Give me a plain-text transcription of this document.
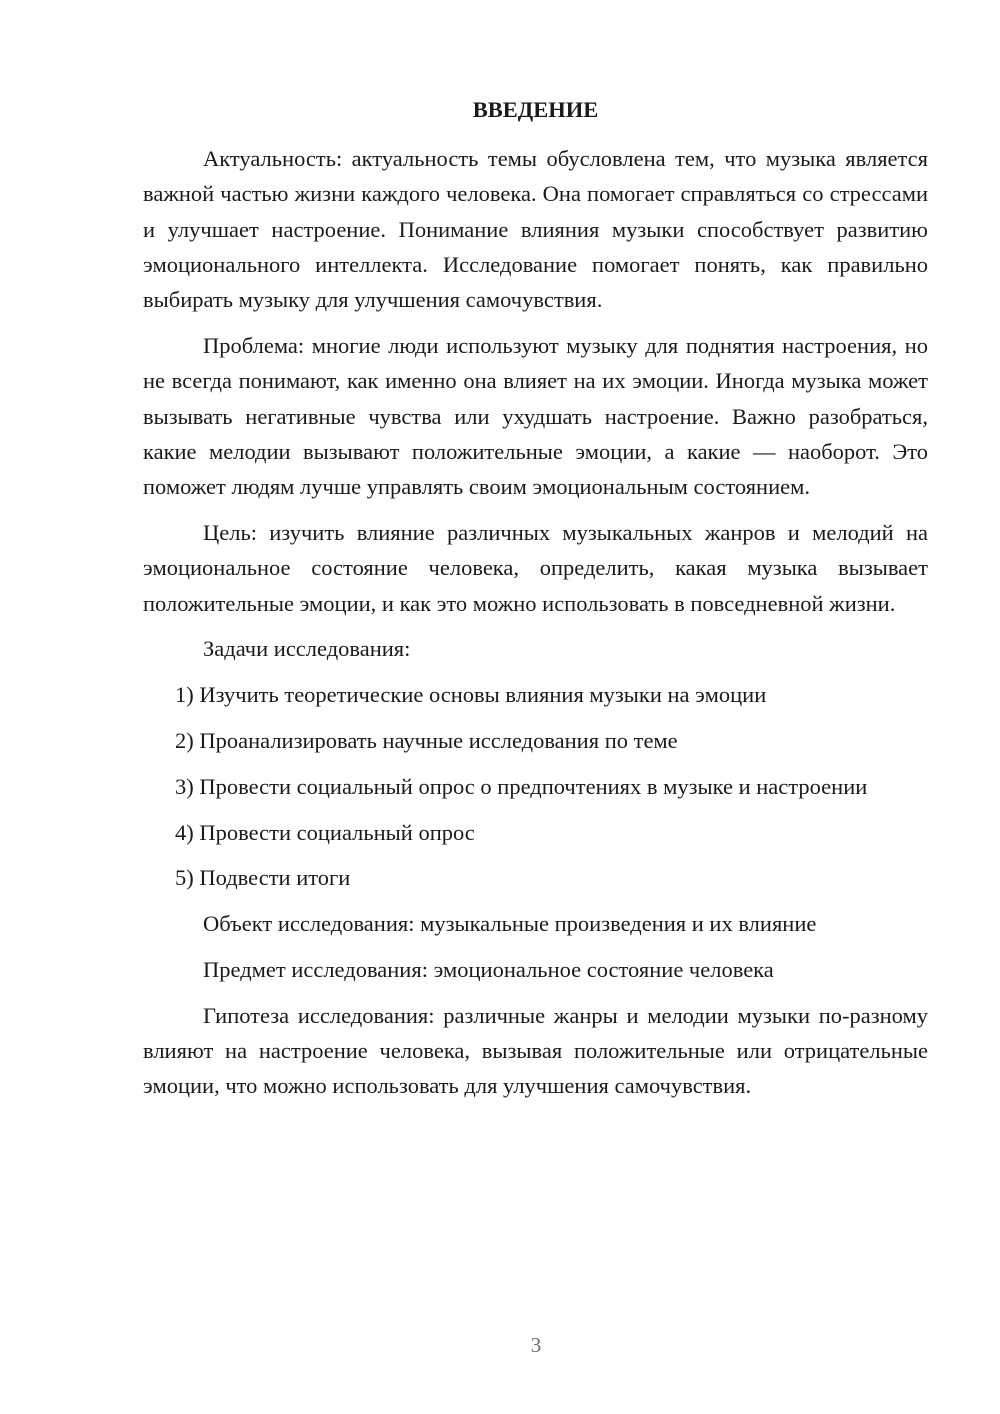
ВВЕДЕНИЕ

Актуальность: актуальность темы обусловлена тем, что музыка является важной частью жизни каждого человека. Она помогает справляться со стрессами и улучшает настроение. Понимание влияния музыки способствует развитию эмоционального интеллекта. Исследование помогает понять, как правильно выбирать музыку для улучшения самочувствия.

Проблема: многие люди используют музыку для поднятия настроения, но не всегда понимают, как именно она влияет на их эмоции. Иногда музыка может вызывать негативные чувства или ухудшать настроение. Важно разобраться, какие мелодии вызывают положительные эмоции, а какие — наоборот. Это поможет людям лучше управлять своим эмоциональным состоянием.

Цель: изучить влияние различных музыкальных жанров и мелодий на эмоциональное состояние человека, определить, какая музыка вызывает положительные эмоции, и как это можно использовать в повседневной жизни.

Задачи исследования:

1) Изучить теоретические основы влияния музыки на эмоции

2) Проанализировать научные исследования по теме

3) Провести социальный опрос о предпочтениях в музыке и настроении

4) Провести социальный опрос

5) Подвести итоги

Объект исследования: музыкальные произведения и их влияние

Предмет исследования: эмоциональное состояние человека

Гипотеза исследования: различные жанры и мелодии музыки по-разному влияют на настроение человека, вызывая положительные или отрицательные эмоции, что можно использовать для улучшения самочувствия.

3
